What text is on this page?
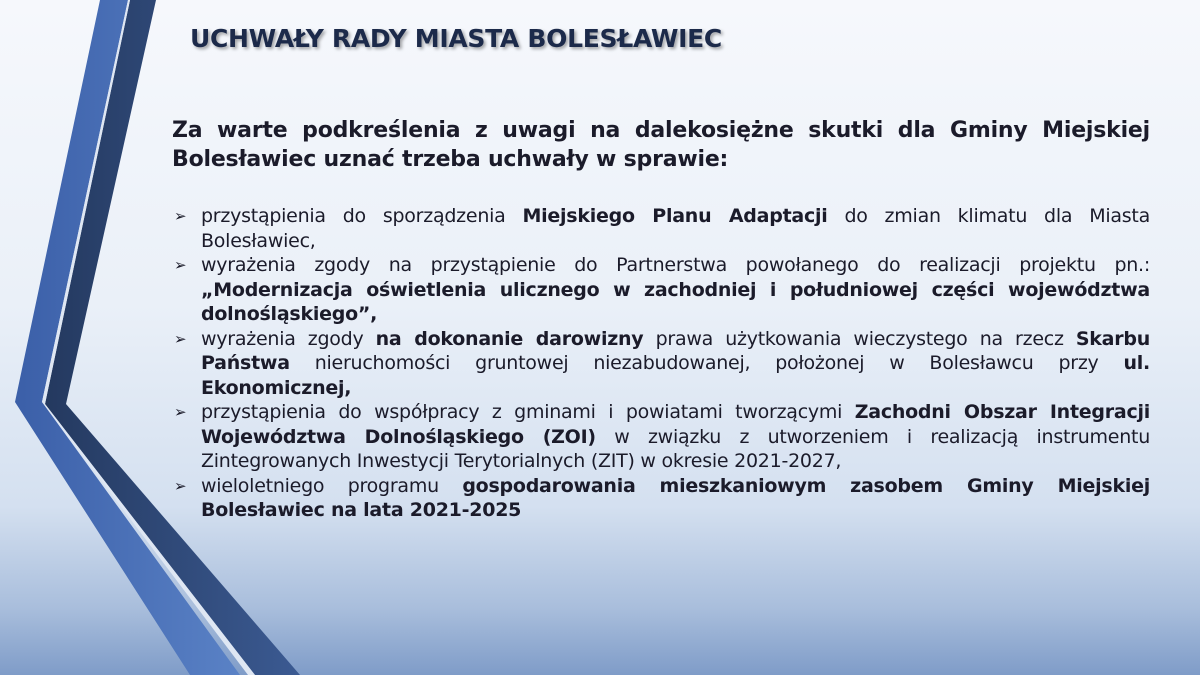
UCHWAŁY RADY MIASTA BOLESŁAWIEC
Za warte podkreślenia z uwagi na dalekosiężne skutki dla Gminy Miejskiej Bolesławiec uznać trzeba uchwały w sprawie:
➢ przystąpienia do sporządzenia Miejskiego Planu Adaptacji do zmian klimatu dla Miasta Bolesławiec,
➢ wyrażenia zgody na przystąpienie do Partnerstwa powołanego do realizacji projektu pn.: „Modernizacja oświetlenia ulicznego w zachodniej i południowej części województwa dolnośląskiego”,
➢ wyrażenia zgody na dokonanie darowizny prawa użytkowania wieczystego na rzecz Skarbu Państwa nieruchomości gruntowej niezabudowanej, położonej w Bolesławcu przy ul. Ekonomicznej,
➢ przystąpienia do współpracy z gminami i powiatami tworzącymi Zachodni Obszar Integracji Województwa Dolnośląskiego (ZOI) w związku z utworzeniem i realizacją instrumentu Zintegrowanych Inwestycji Terytorialnych (ZIT) w okresie 2021-2027,
➢ wieloletniego programu gospodarowania mieszkaniowym zasobem Gminy Miejskiej Bolesławiec na lata 2021-2025
